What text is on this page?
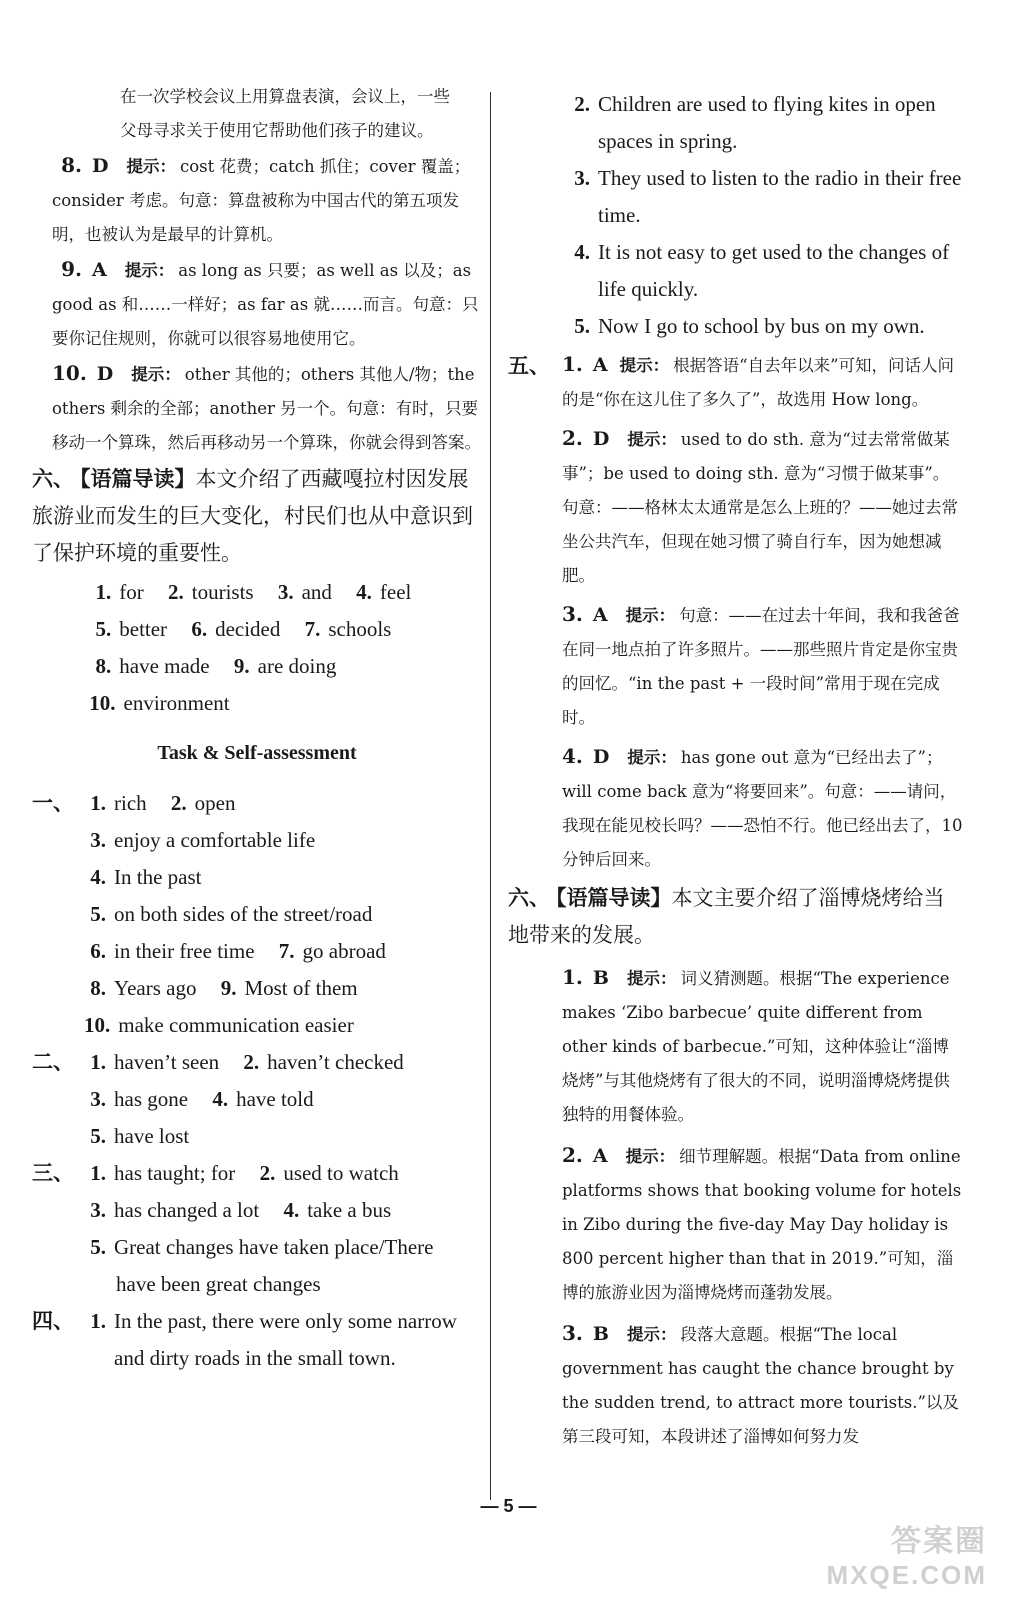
在一次学校会议上用算盘表演，会议上，一些
父母寻求关于使用它帮助他们孩子的建议。
8. D 提示： cost 花费；catch 抓住；cover 覆盖；consider 考虑。句意：算盘被称为中国古代的第五项发明，也被认为是最早的计算机。
9. A 提示： as long as 只要；as well as 以及；as good as 和……一样好；as far as 就……而言。句意：只要你记住规则，你就可以很容易地使用它。
10. D 提示： other 其他的；others 其他人/物；the others 剩余的全部；another 另一个。句意：有时，只要移动一个算珠，然后再移动另一个算珠，你就会得到答案。
六、 【语篇导读】本文介绍了西藏嘎拉村因发展旅游业而发生的巨大变化，村民们也从中意识到了保护环境的重要性。
1. for 2. tourists 3. and 4. feel
5. better 6. decided 7. schools
8. have made 9. are doing
10. environment
Task & Self-assessment
一、 1. rich 2. open
3. enjoy a comfortable life
4. In the past
5. on both sides of the street/road
6. in their free time 7. go abroad
8. Years ago 9. Most of them
10. make communication easier
二、 1. haven’t seen 2. haven’t checked
3. has gone 4. have told
5. have lost
三、 1. has taught; for 2. used to watch
3. has changed a lot 4. take a bus
5. Great changes have taken place/There
have been great changes
四、 1. In the past, there were only some narrow and dirty roads in the small town.
2. Children are used to flying kites in open spaces in spring.
3. They used to listen to the radio in their free time.
4. It is not easy to get used to the changes of life quickly.
5. Now I go to school by bus on my own.
五、 1. A 提示： 根据答语“自去年以来”可知，问话人问的是“你在这儿住了多久了”，故选用 How long。
2. D 提示： used to do sth. 意为“过去常常做某事”；be used to doing sth. 意为“习惯于做某事”。句意：——格林太太通常是怎么上班的？——她过去常坐公共汽车，但现在她习惯了骑自行车，因为她想减肥。
3. A 提示： 句意：——在过去十年间，我和我爸爸在同一地点拍了许多照片。——那些照片肯定是你宝贵的回忆。“in the past + 一段时间”常用于现在完成时。
4. D 提示： has gone out 意为“已经出去了”；will come back 意为“将要回来”。句意：——请问，我现在能见校长吗？——恐怕不行。他已经出去了，10 分钟后回来。
六、 【语篇导读】本文主要介绍了淄博烧烤给当地带来的发展。
1. B 提示： 词义猜测题。根据“The experience makes ‘Zibo barbecue’ quite different from other kinds of barbecue.”可知，这种体验让“淄博烧烤”与其他烧烤有了很大的不同，说明淄博烧烤提供独特的用餐体验。
2. A 提示： 细节理解题。根据“Data from online platforms shows that booking volume for hotels in Zibo during the five-day May Day holiday is 800 percent higher than that in 2019.”可知，淄博的旅游业因为淄博烧烤而蓬勃发展。
3. B 提示： 段落大意题。根据“The local government has caught the chance brought by the sudden trend, to attract more tourists.”以及第三段可知，本段讲述了淄博如何努力发
— 5 —
答案圈
MXQE.COM
